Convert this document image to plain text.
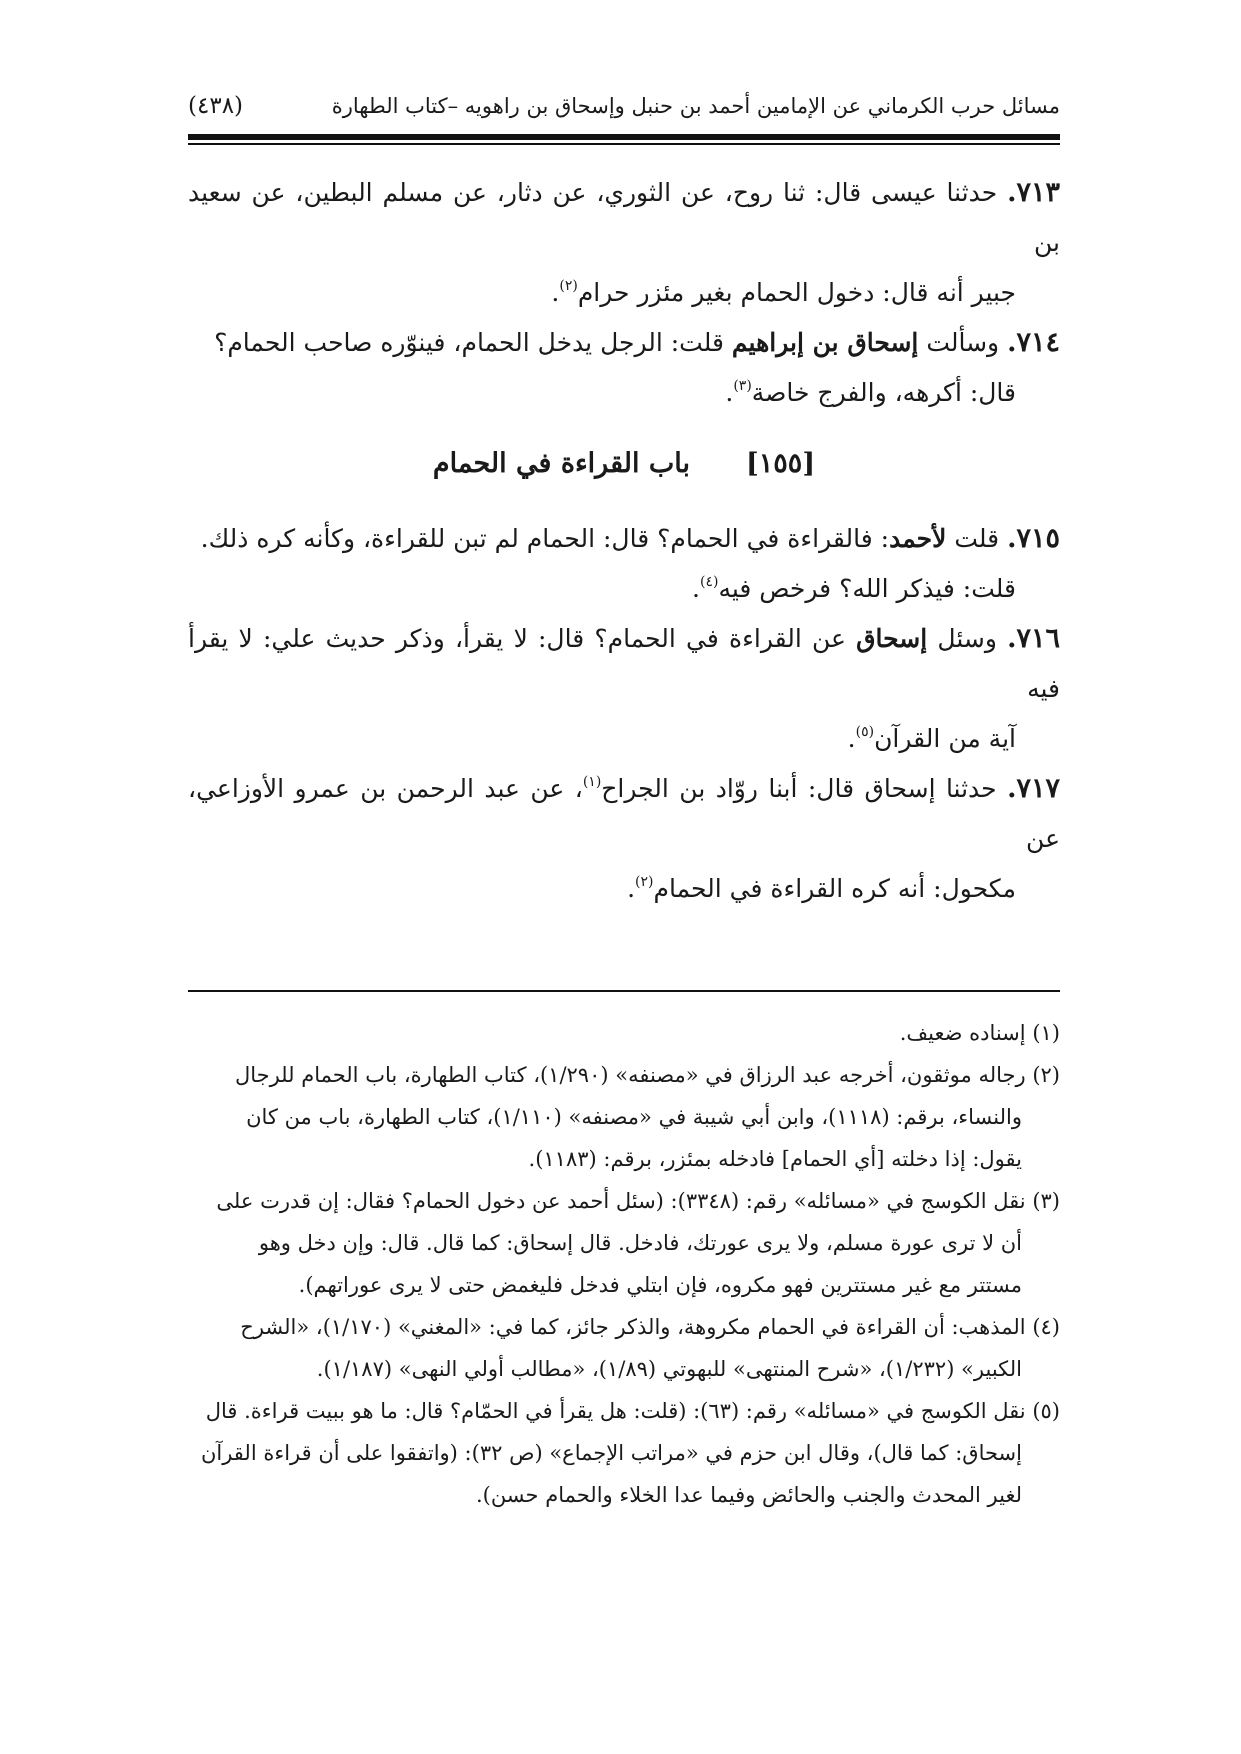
مسائل حرب الكرماني عن الإمامين أحمد بن حنبل وإسحاق بن راهويه –كتاب الطهارة
(٤٣٨)

٧١٣. حدثنا عيسى قال: ثنا روح، عن الثوري، عن دثار، عن مسلم البطين، عن سعيد بن
جبير أنه قال: دخول الحمام بغير مئزر حرام$^{(٢)}$.

٧١٤. وسألت إسحاق بن إبراهيم قلت: الرجل يدخل الحمام، فينوّره صاحب الحمام؟
قال: أكرهه، والفرج خاصة$^{(٣)}$.

[١٥٥]
باب القراءة في الحمام

٧١٥. قلت لأحمد: فالقراءة في الحمام؟ قال: الحمام لم تبن للقراءة، وكأنه كره ذلك.
قلت: فيذكر الله؟ فرخص فيه$^{(٤)}$.

٧١٦. وسئل إسحاق عن القراءة في الحمام؟ قال: لا يقرأ، وذكر حديث علي: لا يقرأ فيه
آية من القرآن$^{(٥)}$.

٧١٧. حدثنا إسحاق قال: أبنا روّاد بن الجراح$^{(١)}$، عن عبد الرحمن بن عمرو الأوزاعي، عن
مكحول: أنه كره القراءة في الحمام$^{(٢)}$.

(١) إسناده ضعيف.

(٢) رجاله موثقون، أخرجه عبد الرزاق في «مصنفه» (١/٢٩٠)، كتاب الطهارة، باب الحمام للرجال
والنساء، برقم: (١١١٨)، وابن أبي شيبة في «مصنفه» (١/١١٠)، كتاب الطهارة، باب من كان
يقول: إذا دخلته [أي الحمام] فادخله بمئزر، برقم: (١١٨٣).

(٣) نقل الكوسج في «مسائله» رقم: (٣٣٤٨): (سئل أحمد عن دخول الحمام؟ فقال: إن قدرت على
أن لا ترى عورة مسلم، ولا يرى عورتك، فادخل. قال إسحاق: كما قال. قال: وإن دخل وهو
مستتر مع غير مستترين فهو مكروه، فإن ابتلي فدخل فليغمض حتى لا يرى عوراتهم).

(٤) المذهب: أن القراءة في الحمام مكروهة، والذكر جائز، كما في: «المغني» (١/١٧٠)، «الشرح
الكبير» (١/٢٣٢)، «شرح المنتهى» للبهوتي (١/٨٩)، «مطالب أولي النهى» (١/١٨٧).

(٥) نقل الكوسج في «مسائله» رقم: (٦٣): (قلت: هل يقرأ في الحمّام؟ قال: ما هو ببيت قراءة. قال
إسحاق: كما قال)، وقال ابن حزم في «مراتب الإجماع» (ص ٣٢): (واتفقوا على أن قراءة القرآن
لغير المحدث والجنب والحائض وفيما عدا الخلاء والحمام حسن).
